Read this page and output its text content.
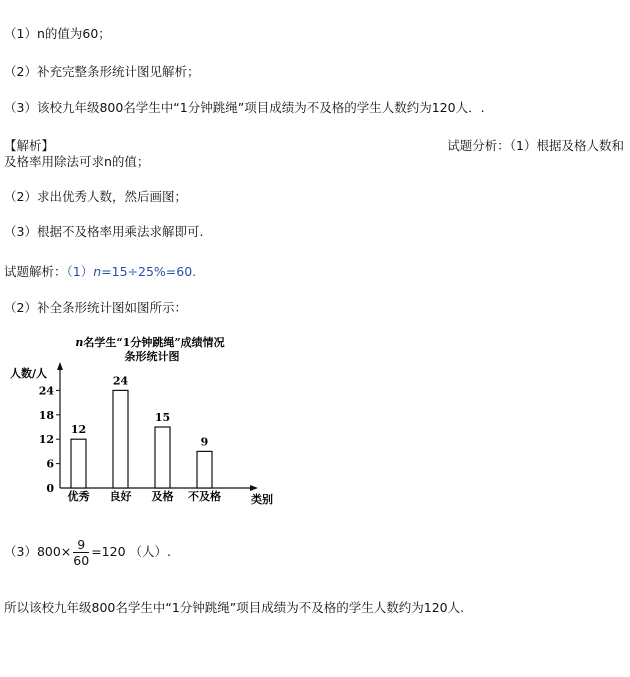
（1）n的值为60；
（2）补充完整条形统计图见解析；
（3）该校九年级800名学生中“1分钟跳绳”项目成绩为不及格的学生人数约为120人．.
【解析】	试题分析：（1）根据及格人数和
及格率用除法可求n的值；
（2）求出优秀人数，然后画图；
（3）根据不及格率用乘法求解即可.
试题解析：（1）n=15÷25%=60.
（2）补全条形统计图如图所示：
n名学生“1分钟跳绳”成绩情况
条形统计图
人数/人
类别
0
6
12
18
24
12
优秀
24
良好
15
及格
9
不及格
$(3)800\times \frac{9}{60} =120$ （人）.
所以该校九年级800名学生中“1分钟跳绳”项目成绩为不及格的学生人数约为120人.
